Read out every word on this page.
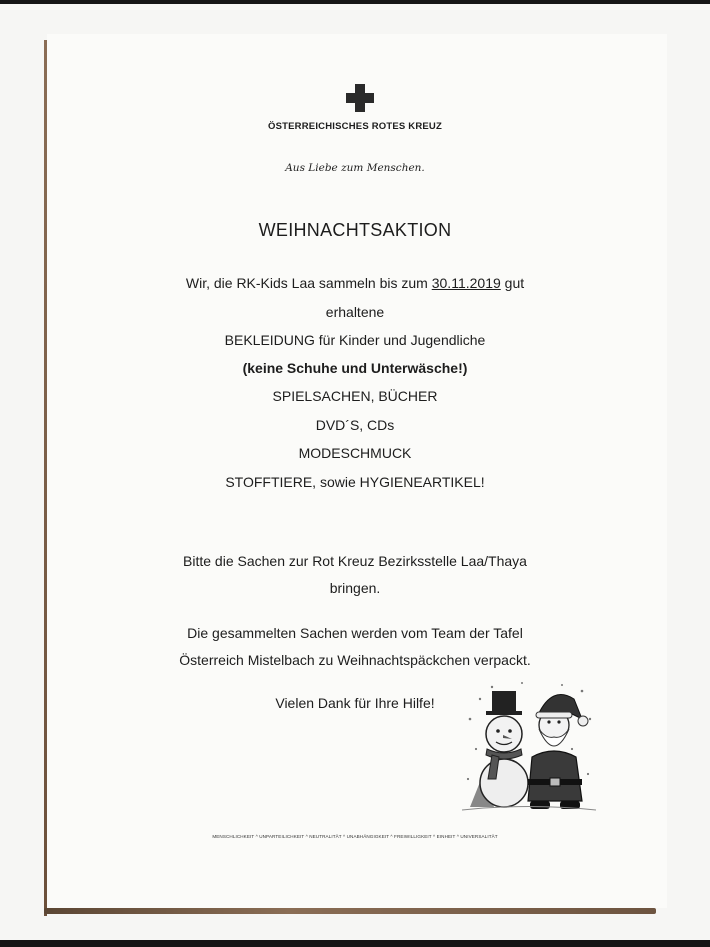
ÖSTERREICHISCHES ROTES KREUZ
Aus Liebe zum Menschen.
WEIHNACHTSAKTION
Wir, die RK-Kids Laa sammeln bis zum 30.11.2019 gut
erhaltene
BEKLEIDUNG für Kinder und Jugendliche
(keine Schuhe und Unterwäsche!)
SPIELSACHEN, BÜCHER
DVD´S, CDs
MODESCHMUCK
STOFFTIERE, sowie HYGIENEARTIKEL!
Bitte die Sachen zur Rot Kreuz Bezirksstelle Laa/Thaya
bringen.
Die gesammelten Sachen werden vom Team der Tafel
Österreich Mistelbach zu Weihnachtspäckchen verpackt.
Vielen Dank für Ihre Hilfe!
MENSCHLICHKEIT ^ UNPARTEILICHKEIT ^ NEUTRALITÄT ^ UNABHÄNGIGKEIT ^ FREIWILLIGKEIT ^ EINHEIT ^ UNIVERSALITÄT
